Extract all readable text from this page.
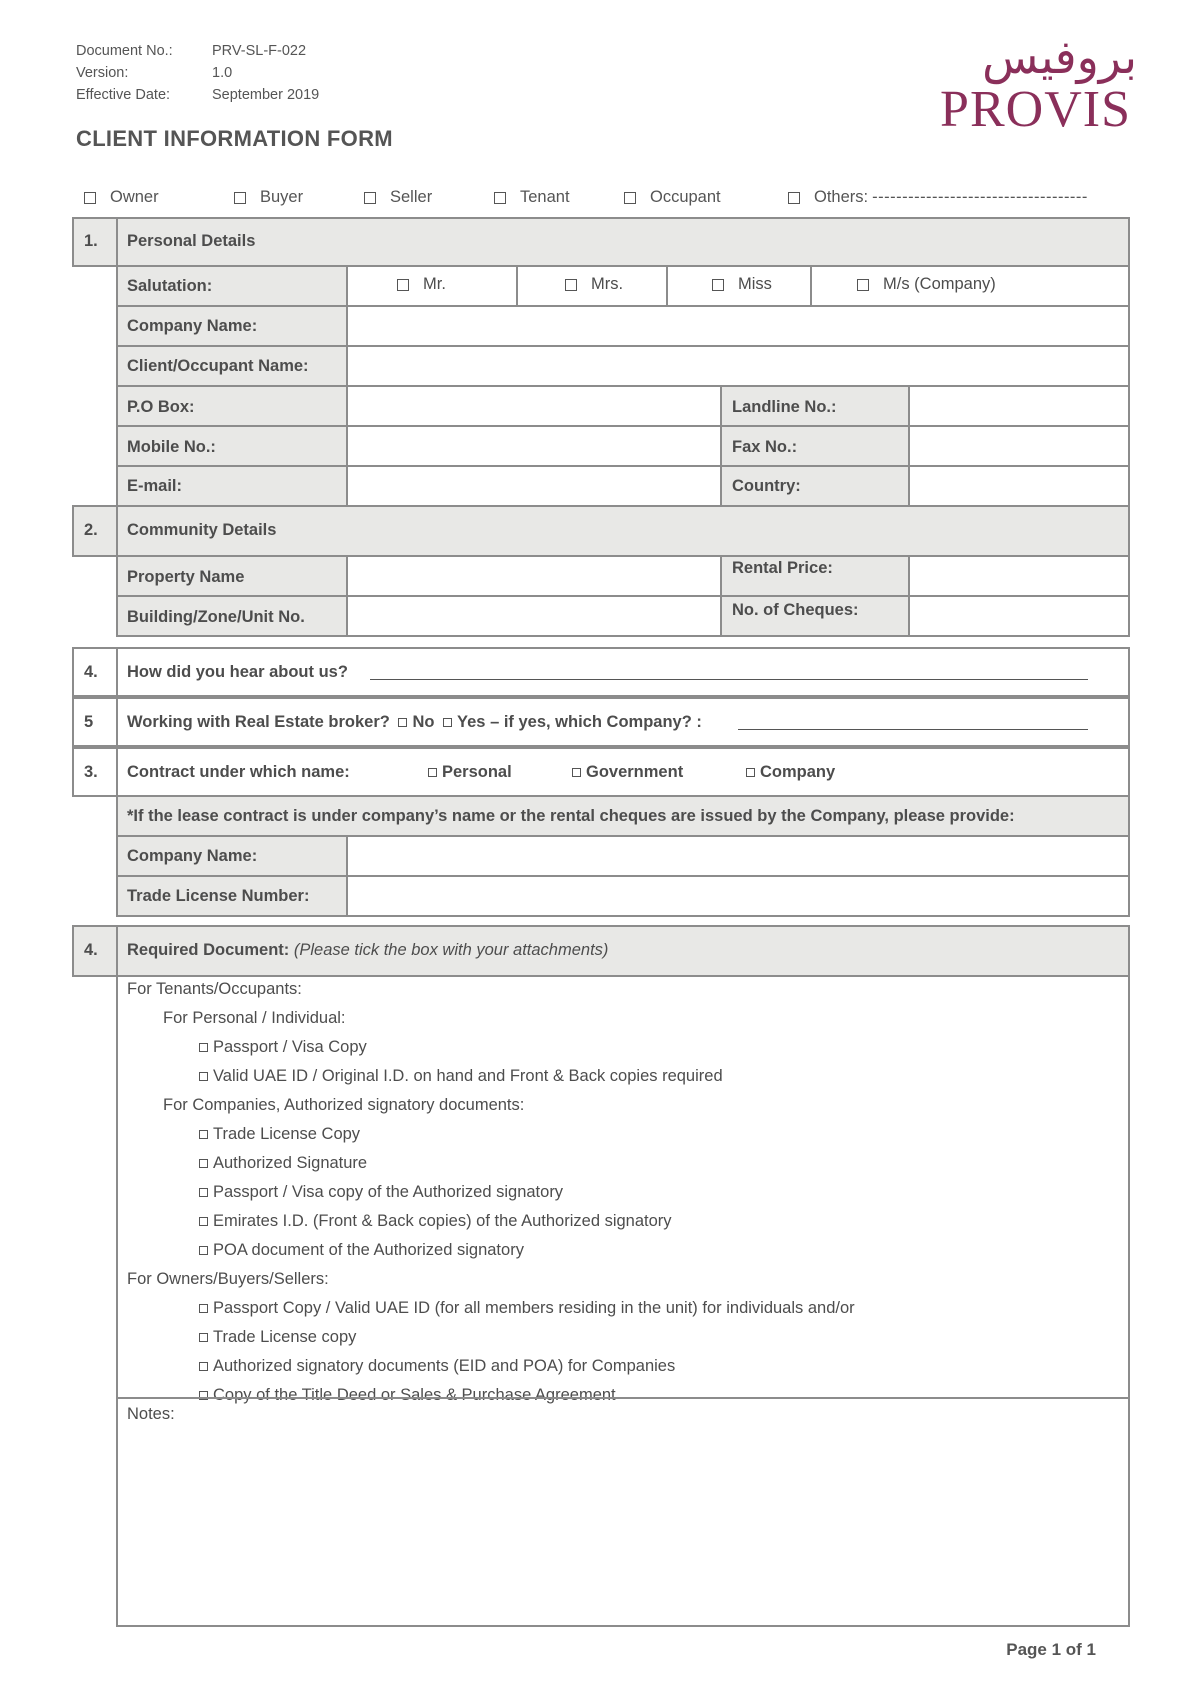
Document No.:	PRV-SL-F-022
Version:	1.0
Effective Date:	September 2019
بروفيس
PROVIS
CLIENT INFORMATION FORM
Owner	Buyer	Seller	Tenant	Occupant	Others: ------------------------------------
1. Personal Details
Salutation:	Mr.	Mrs.	Miss	M/s (Company)
Company Name:
Client/Occupant Name:
P.O Box:	Landline No.:
Mobile No.:	Fax No.:
E-mail:	Country:
2. Community Details
Property Name	Rental Price:
Building/Zone/Unit No.	No. of Cheques:
4. How did you hear about us?
5 Working with Real Estate broker? No Yes – if yes, which Company? :
3. Contract under which name:	Personal	Government	Company
*If the lease contract is under company’s name or the rental cheques are issued by the Company, please provide:
Company Name:
Trade License Number:
4. Required Document: (Please tick the box with your attachments)
For Tenants/Occupants:
For Personal / Individual:
Passport / Visa Copy
Valid UAE ID / Original I.D. on hand and Front & Back copies required
For Companies, Authorized signatory documents:
Trade License Copy
Authorized Signature
Passport / Visa copy of the Authorized signatory
Emirates I.D. (Front & Back copies) of the Authorized signatory
POA document of the Authorized signatory
For Owners/Buyers/Sellers:
Passport Copy / Valid UAE ID (for all members residing in the unit) for individuals and/or
Trade License copy
Authorized signatory documents (EID and POA) for Companies
Copy of the Title Deed or Sales & Purchase Agreement
Notes:
Page 1 of 1
